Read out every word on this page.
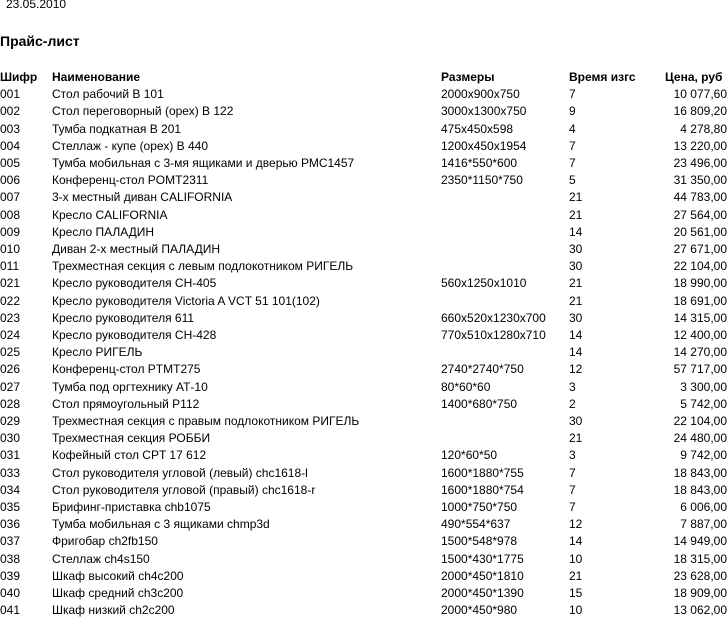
23.05.2010
Прайс-лист
Шифр	Наименование	Размеры	Время изгс	Цена, руб
001	Стол рабочий В 101	2000x900x750	7	10 077,60
002	Стол переговорный (орех) В 122	3000x1300x750	9	16 809,20
003	Тумба подкатная В 201	475x450x598	4	4 278,80
004	Стеллаж - купе (орех) В 440	1200x450x1954	7	13 220,00
005	Тумба мобильная с 3-мя ящиками и дверью РМС1457	1416*550*600	7	23 496,00
006	Конференц-стол POMT2311	2350*1150*750	5	31 350,00
007	3-х местный диван CALIFORNIA		21	44 783,00
008	Кресло CALIFORNIA		21	27 564,00
009	Кресло ПАЛАДИН		14	20 561,00
010	Диван 2-х местный ПАЛАДИН		30	27 671,00
011	Трехместная секция с левым подлокотником РИГЕЛЬ		30	22 104,00
021	Кресло руководителя CH-405	560x1250x1010	21	18 990,00
022	Кресло руководителя Victoria A VCT 51 101(102)		21	18 691,00
023	Кресло руководителя 611	660x520x1230x700	30	14 315,00
024	Кресло руководителя CH-428	770x510x1280x710	14	12 400,00
025	Кресло РИГЕЛЬ		14	14 270,00
026	Конференц-стол PTMT275	2740*2740*750	12	57 717,00
027	Тумба под оргтехнику АТ-10	80*60*60	3	3 300,00
028	Стол прямоугольный Р112	1400*680*750	2	5 742,00
029	Трехместная секция с правым подлокотником РИГЕЛЬ		30	22 104,00
030	Трехместная секция РОББИ		21	24 480,00
031	Кофейный стол CPT 17 612	120*60*50	3	9 742,00
033	Стол руководителя угловой (левый) chc1618-l	1600*1880*755	7	18 843,00
034	Стол руководителя угловой (правый) chc1618-r	1600*1880*754	7	18 843,00
035	Брифинг-приставка chb1075	1000*750*750	7	6 006,00
036	Тумба мобильная с 3 ящиками chmp3d	490*554*637	12	7 887,00
037	Фригобар ch2fb150	1500*548*978	14	14 949,00
038	Стеллаж ch4s150	1500*430*1775	10	18 315,00
039	Шкаф высокий ch4c200	2000*450*1810	21	23 628,00
040	Шкаф средний ch3c200	2000*450*1390	15	18 909,00
041	Шкаф низкий ch2c200	2000*450*980	10	13 062,00
